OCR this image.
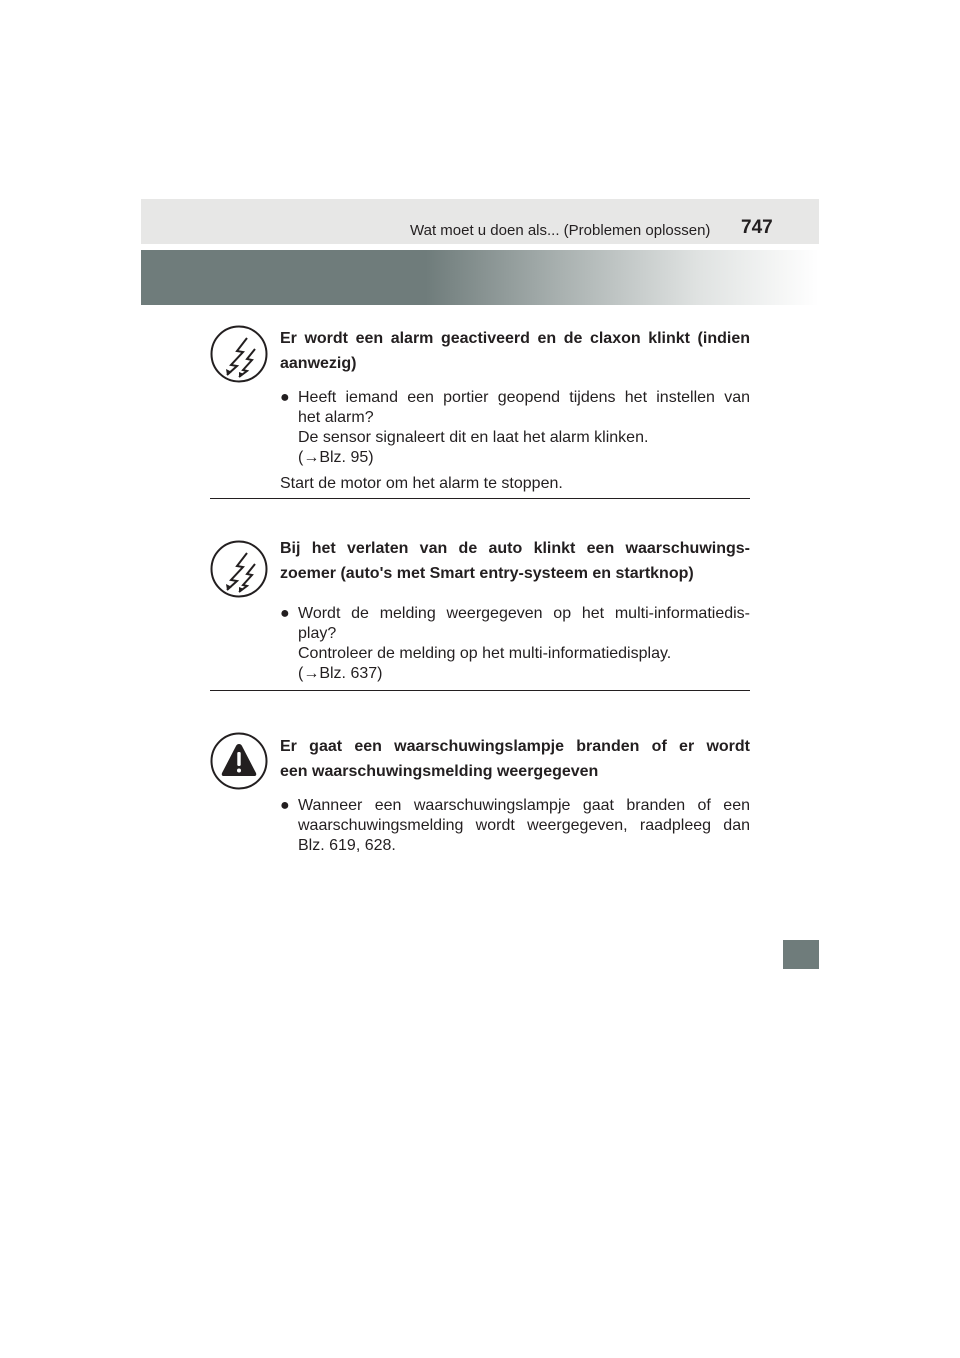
Wat moet u doen als... (Problemen oplossen) 747
Er wordt een alarm geactiveerd en de claxon klinkt (indien
aanwezig)
● Heeft iemand een portier geopend tijdens het instellen van
het alarm?
De sensor signaleert dit en laat het alarm klinken.
(→Blz. 95)
Start de motor om het alarm te stoppen.
Bij het verlaten van de auto klinkt een waarschuwings-
zoemer (auto's met Smart entry-systeem en startknop)
● Wordt de melding weergegeven op het multi-informatiedis-
play?
Controleer de melding op het multi-informatiedisplay.
(→Blz. 637)
Er gaat een waarschuwingslampje branden of er wordt
een waarschuwingsmelding weergegeven
● Wanneer een waarschuwingslampje gaat branden of een
waarschuwingsmelding wordt weergegeven, raadpleeg dan
Blz. 619, 628.
